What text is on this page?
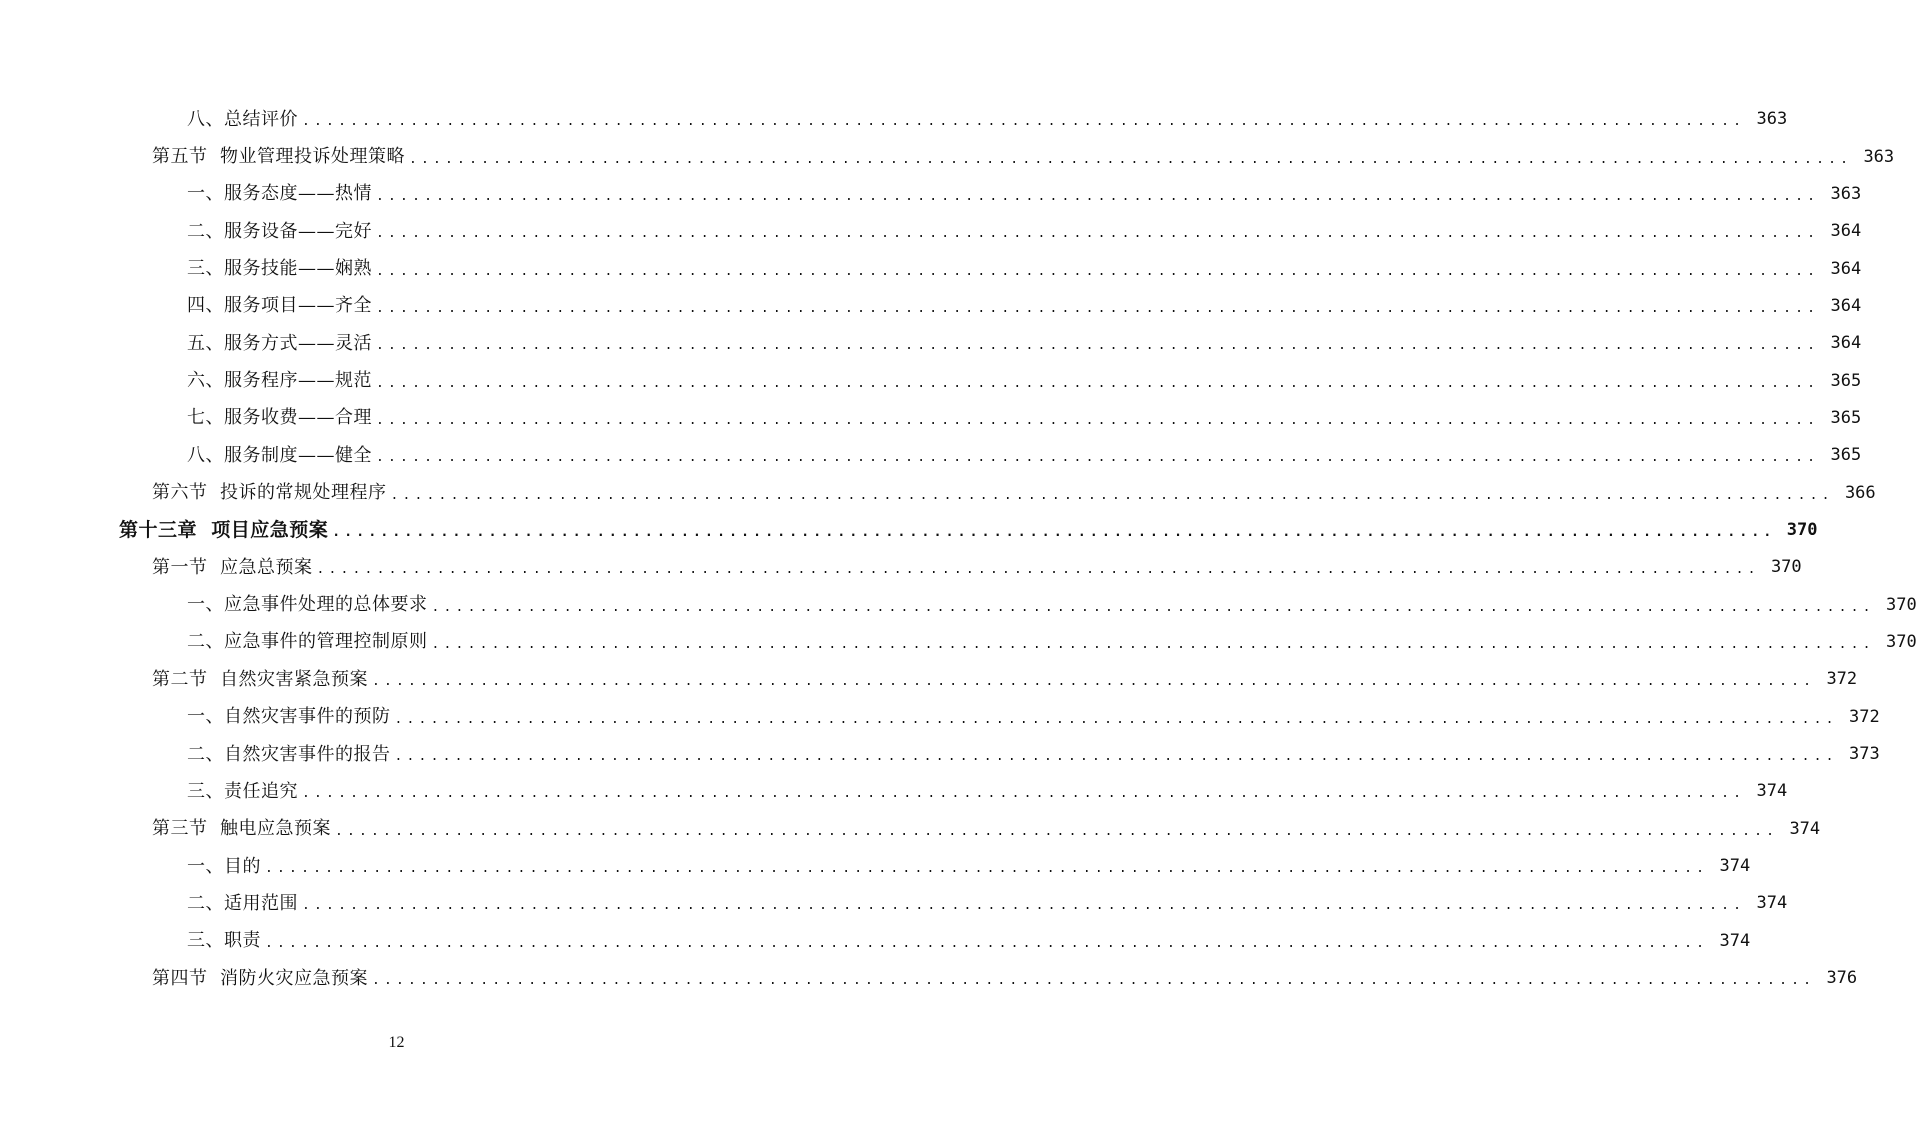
八、总结评价 ........................................................................................................................ 363
第五节  物业管理投诉处理策略 ........................................................................................................................ 363
一、服务态度——热情 ........................................................................................................................ 363
二、服务设备——完好 ........................................................................................................................ 364
三、服务技能——娴熟 ........................................................................................................................ 364
四、服务项目——齐全 ........................................................................................................................ 364
五、服务方式——灵活 ........................................................................................................................ 364
六、服务程序——规范 ........................................................................................................................ 365
七、服务收费——合理 ........................................................................................................................ 365
八、服务制度——健全 ........................................................................................................................ 365
第六节  投诉的常规处理程序 ........................................................................................................................ 366
第十三章  项目应急预案 ........................................................................................................................ 370
第一节  应急总预案 ........................................................................................................................ 370
一、应急事件处理的总体要求 ........................................................................................................................ 370
二、应急事件的管理控制原则 ........................................................................................................................ 370
第二节  自然灾害紧急预案 ........................................................................................................................ 372
一、自然灾害事件的预防 ........................................................................................................................ 372
二、自然灾害事件的报告 ........................................................................................................................ 373
三、责任追究 ........................................................................................................................ 374
第三节  触电应急预案 ........................................................................................................................ 374
一、目的 ........................................................................................................................ 374
二、适用范围 ........................................................................................................................ 374
三、职责 ........................................................................................................................ 374
第四节  消防火灾应急预案 ........................................................................................................................ 376
12
